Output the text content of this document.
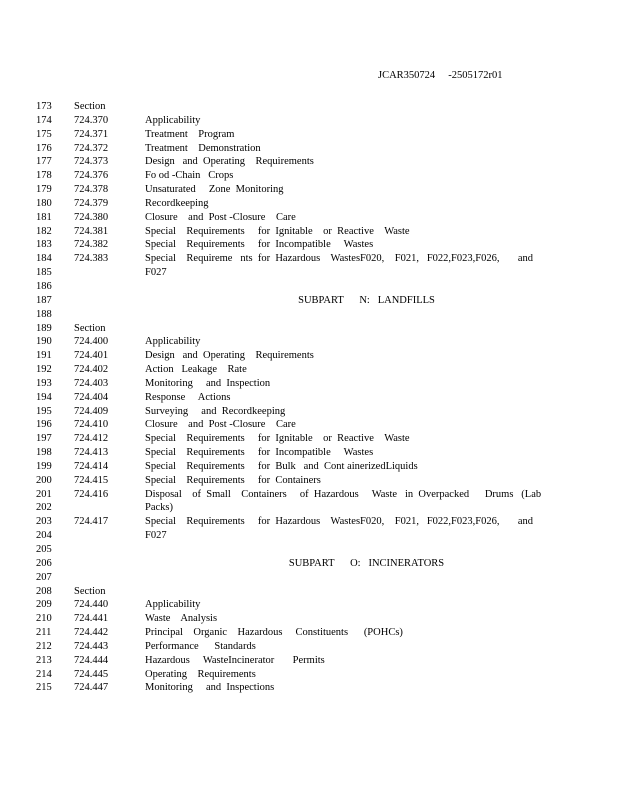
JCAR350724     -2505172r01
173 Section
174 724.370	Applicability
175 724.371	Treatment    Program
176 724.372	Treatment    Demonstration
177 724.373	Design   and  Operating    Requirements
178 724.376	Fo od -Chain   Crops
179 724.378	Unsaturated     Zone  Monitoring
180 724.379	Recordkeeping
181 724.380	Closure    and  Post -Closure    Care
182 724.381	Special    Requirements     for  Ignitable    or  Reactive    Waste
183 724.382	Special    Requirements     for  Incompatible     Wastes
184 724.383	Special    Requireme   nts  for  Hazardous    WastesF020,    F021,   F022,F023,F026,       and
185	F027
186
187	SUBPART      N:   LANDFILLS
188
189 Section
190 724.400	Applicability
191 724.401	Design   and  Operating    Requirements
192 724.402	Action   Leakage    Rate
193 724.403	Monitoring     and  Inspection
194 724.404	Response     Actions
195 724.409	Surveying     and  Recordkeeping
196 724.410	Closure    and  Post -Closure    Care
197 724.412	Special    Requirements     for  Ignitable    or  Reactive    Waste
198 724.413	Special    Requirements     for  Incompatible     Wastes
199 724.414	Special    Requirements     for  Bulk   and  Cont ainerizedLiquids
200 724.415	Special    Requirements     for  Containers
201 724.416	Disposal    of  Small    Containers     of  Hazardous     Waste   in  Overpacked      Drums   (Lab
202	Packs)
203 724.417	Special    Requirements     for  Hazardous    WastesF020,    F021,   F022,F023,F026,       and
204	F027
205
206	SUBPART      O:   INCINERATORS
207
208 Section
209 724.440	Applicability
210 724.441	Waste    Analysis
211 724.442	Principal    Organic    Hazardous     Constituents      (POHCs)
212 724.443	Performance      Standards
213 724.444	Hazardous     WasteIncinerator       Permits
214 724.445	Operating    Requirements
215 724.447	Monitoring     and  Inspections
